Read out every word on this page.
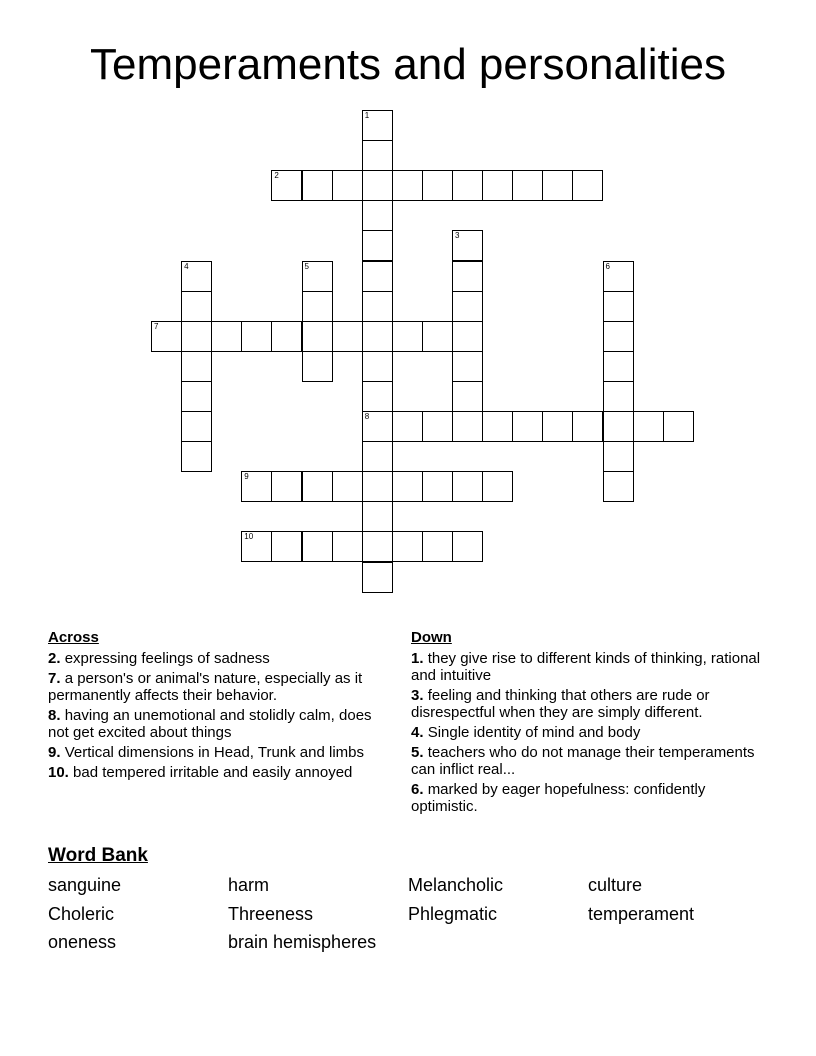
Temperaments and personalities
1
8
2
3
4	5	6
7
9
10
Across
2. expressing feelings of sadness
7. a person's or animal's nature, especially as it permanently affects their behavior.
8. having an unemotional and stolidly calm, does not get excited about things
9. Vertical dimensions in Head, Trunk and limbs
10. bad tempered irritable and easily annoyed
Down
1. they give rise to different kinds of thinking, rational and intuitive
3. feeling and thinking that others are rude or disrespectful when they are simply different.
4. Single identity of mind and body
5. teachers who do not manage their temperaments can inflict real...
6. marked by eager hopefulness: confidently optimistic.
Word Bank
sanguine	harm	Melancholic	culture
Choleric	Threeness	Phlegmatic	temperament
oneness	brain hemispheres
